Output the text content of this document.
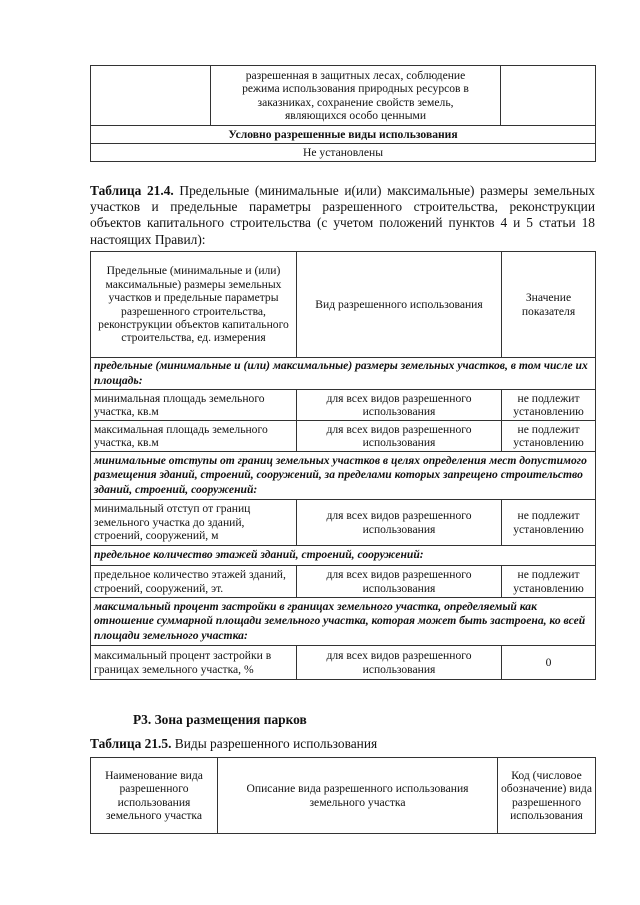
	разрешенная в защитных лесах, соблюдение режима использования природных ресурсов в заказниках, сохранение свойств земель, являющихся особо ценными	
Условно разрешенные виды использования
Не установлены
Таблица 21.4. Предельные (минимальные и(или) максимальные) размеры земельных участков и предельные параметры разрешенного строительства, реконструкции объектов капитального строительства (с учетом положений пунктов 4 и 5 статьи 18 настоящих Правил):
Предельные (минимальные и (или) максимальные) размеры земельных участков и предельные параметры разрешенного строительства, реконструкции объектов капитального строительства, ед. измерения	Вид разрешенного использования	Значение показателя
предельные (минимальные и (или) максимальные) размеры земельных участков, в том числе их площадь:		
минимальная площадь земельного участка, кв.м	для всех видов разрешенного использования	не подлежит установлению
максимальная площадь земельного участка, кв.м	для всех видов разрешенного использования	не подлежит установлению
минимальные отступы от границ земельных участков в целях определения мест допустимого размещения зданий, строений, сооружений, за пределами которых запрещено строительство зданий, строений, сооружений:		
минимальный отступ от границ земельного участка до зданий, строений, сооружений, м	для всех видов разрешенного использования	не подлежит установлению
предельное количество этажей зданий, строений, сооружений:		
предельное количество этажей зданий, строений, сооружений, эт.	для всех видов разрешенного использования	не подлежит установлению
максимальный процент застройки в границах земельного участка, определяемый как отношение суммарной площади земельного участка, которая может быть застроена, ко всей площади земельного участка:		
максимальный процент застройки в границах земельного участка, %	для всех видов разрешенного использования	0
Р3. Зона размещения парков
Таблица 21.5. Виды разрешенного использования
Наименование вида разрешенного использования земельного участка	Описание вида разрешенного использования земельного участка	Код (числовое обозначение) вида разрешенного использования
